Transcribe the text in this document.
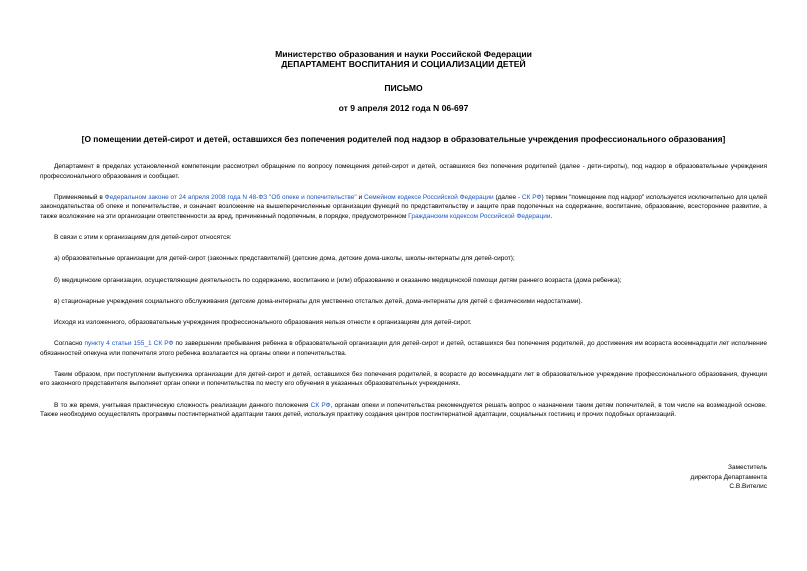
Министерство образования и науки Российской Федерации
ДЕПАРТАМЕНТ ВОСПИТАНИЯ И СОЦИАЛИЗАЦИИ ДЕТЕЙ
ПИСЬМО
от 9 апреля 2012 года N 06-697
[О помещении детей-сирот и детей, оставшихся без попечения родителей под надзор в образовательные учреждения профессионального образования]

Департамент в пределах установленной компетенции рассмотрел обращение по вопросу помещения детей-сирот и детей, оставшихся без попечения родителей (далее - дети-сироты), под надзор в образовательные учреждения профессионального образования и сообщает.

Применяемый в Федеральном законе от 24 апреля 2008 года N 48-ФЗ "Об опеке и попечительстве" и Семейном кодексе Российской Федерации (далее - СК РФ) термин "помещение под надзор" используется исключительно для целей законодательства об опеке и попечительстве, и означает возложение на вышеперечисленные организации функций по представительству и защите прав подопечных на содержание, воспитание, образование, всестороннее развитие, а также возложение на эти организации ответственности за вред, причиненный подопечным, в порядке, предусмотренном Гражданским кодексом Российской Федерации.

В связи с этим к организациям для детей-сирот относятся:

а) образовательные организации для детей-сирот (законных представителей) (детские дома, детские дома-школы, школы-интернаты для детей-сирот);

б) медицинские организации, осуществляющие деятельность по содержанию, воспитанию и (или) образованию и оказанию медицинской помощи детям раннего возраста (дома ребенка);

в) стационарные учреждения социального обслуживания (детские дома-интернаты для умственно отсталых детей, дома-интернаты для детей с физическими недостатками).

Исходя из изложенного, образовательные учреждения профессионального образования нельзя отнести к организациям для детей-сирот.

Согласно пункту 4 статьи 155_1 СК РФ по завершении пребывания ребенка в образовательной организации для детей-сирот и детей, оставшихся без попечения родителей, до достижения им возраста восемнадцати лет исполнение обязанностей опекуна или попечителя этого ребенка возлагается на органы опеки и попечительства.

Таким образом, при поступлении выпускника организации для детей-сирот и детей, оставшихся без попечения родителей, в возрасте до восемнадцати лет в образовательное учреждение профессионального образования, функции его законного представителя выполняет орган опеки и попечительства по месту его обучения в указанных образовательных учреждениях.

В то же время, учитывая практическую сложность реализации данного положения СК РФ, органам опеки и попечительства рекомендуется решать вопрос о назначении таким детям попечителей, в том числе на возмездной основе. Также необходимо осуществлять программы постинтернатной адаптации таких детей, используя практику создания центров постинтернатной адаптации, социальных гостиниц и прочих подобных организаций.

Заместитель
директора Департамента
С.В.Вителис
